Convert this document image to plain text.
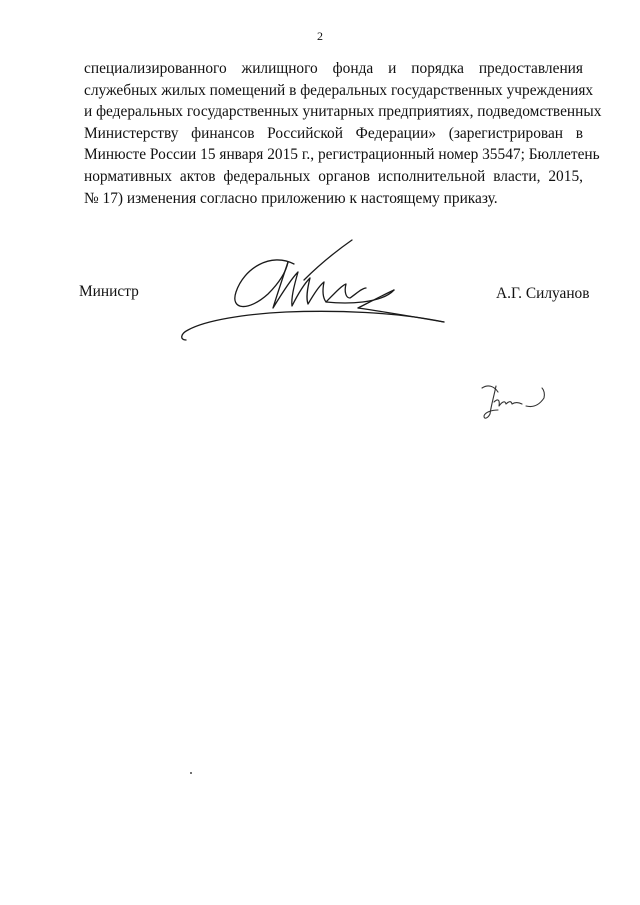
2
специализированного жилищного фонда и порядка предоставления
служебных жилых помещений в федеральных государственных учреждениях
и федеральных государственных унитарных предприятиях, подведомственных
Министерству финансов Российской Федерации» (зарегистрирован в
Минюсте России 15 января 2015 г., регистрационный номер 35547; Бюллетень
нормативных актов федеральных органов исполнительной власти, 2015,
№ 17) изменения согласно приложению к настоящему приказу.
Министр	А.Г. Силуанов
